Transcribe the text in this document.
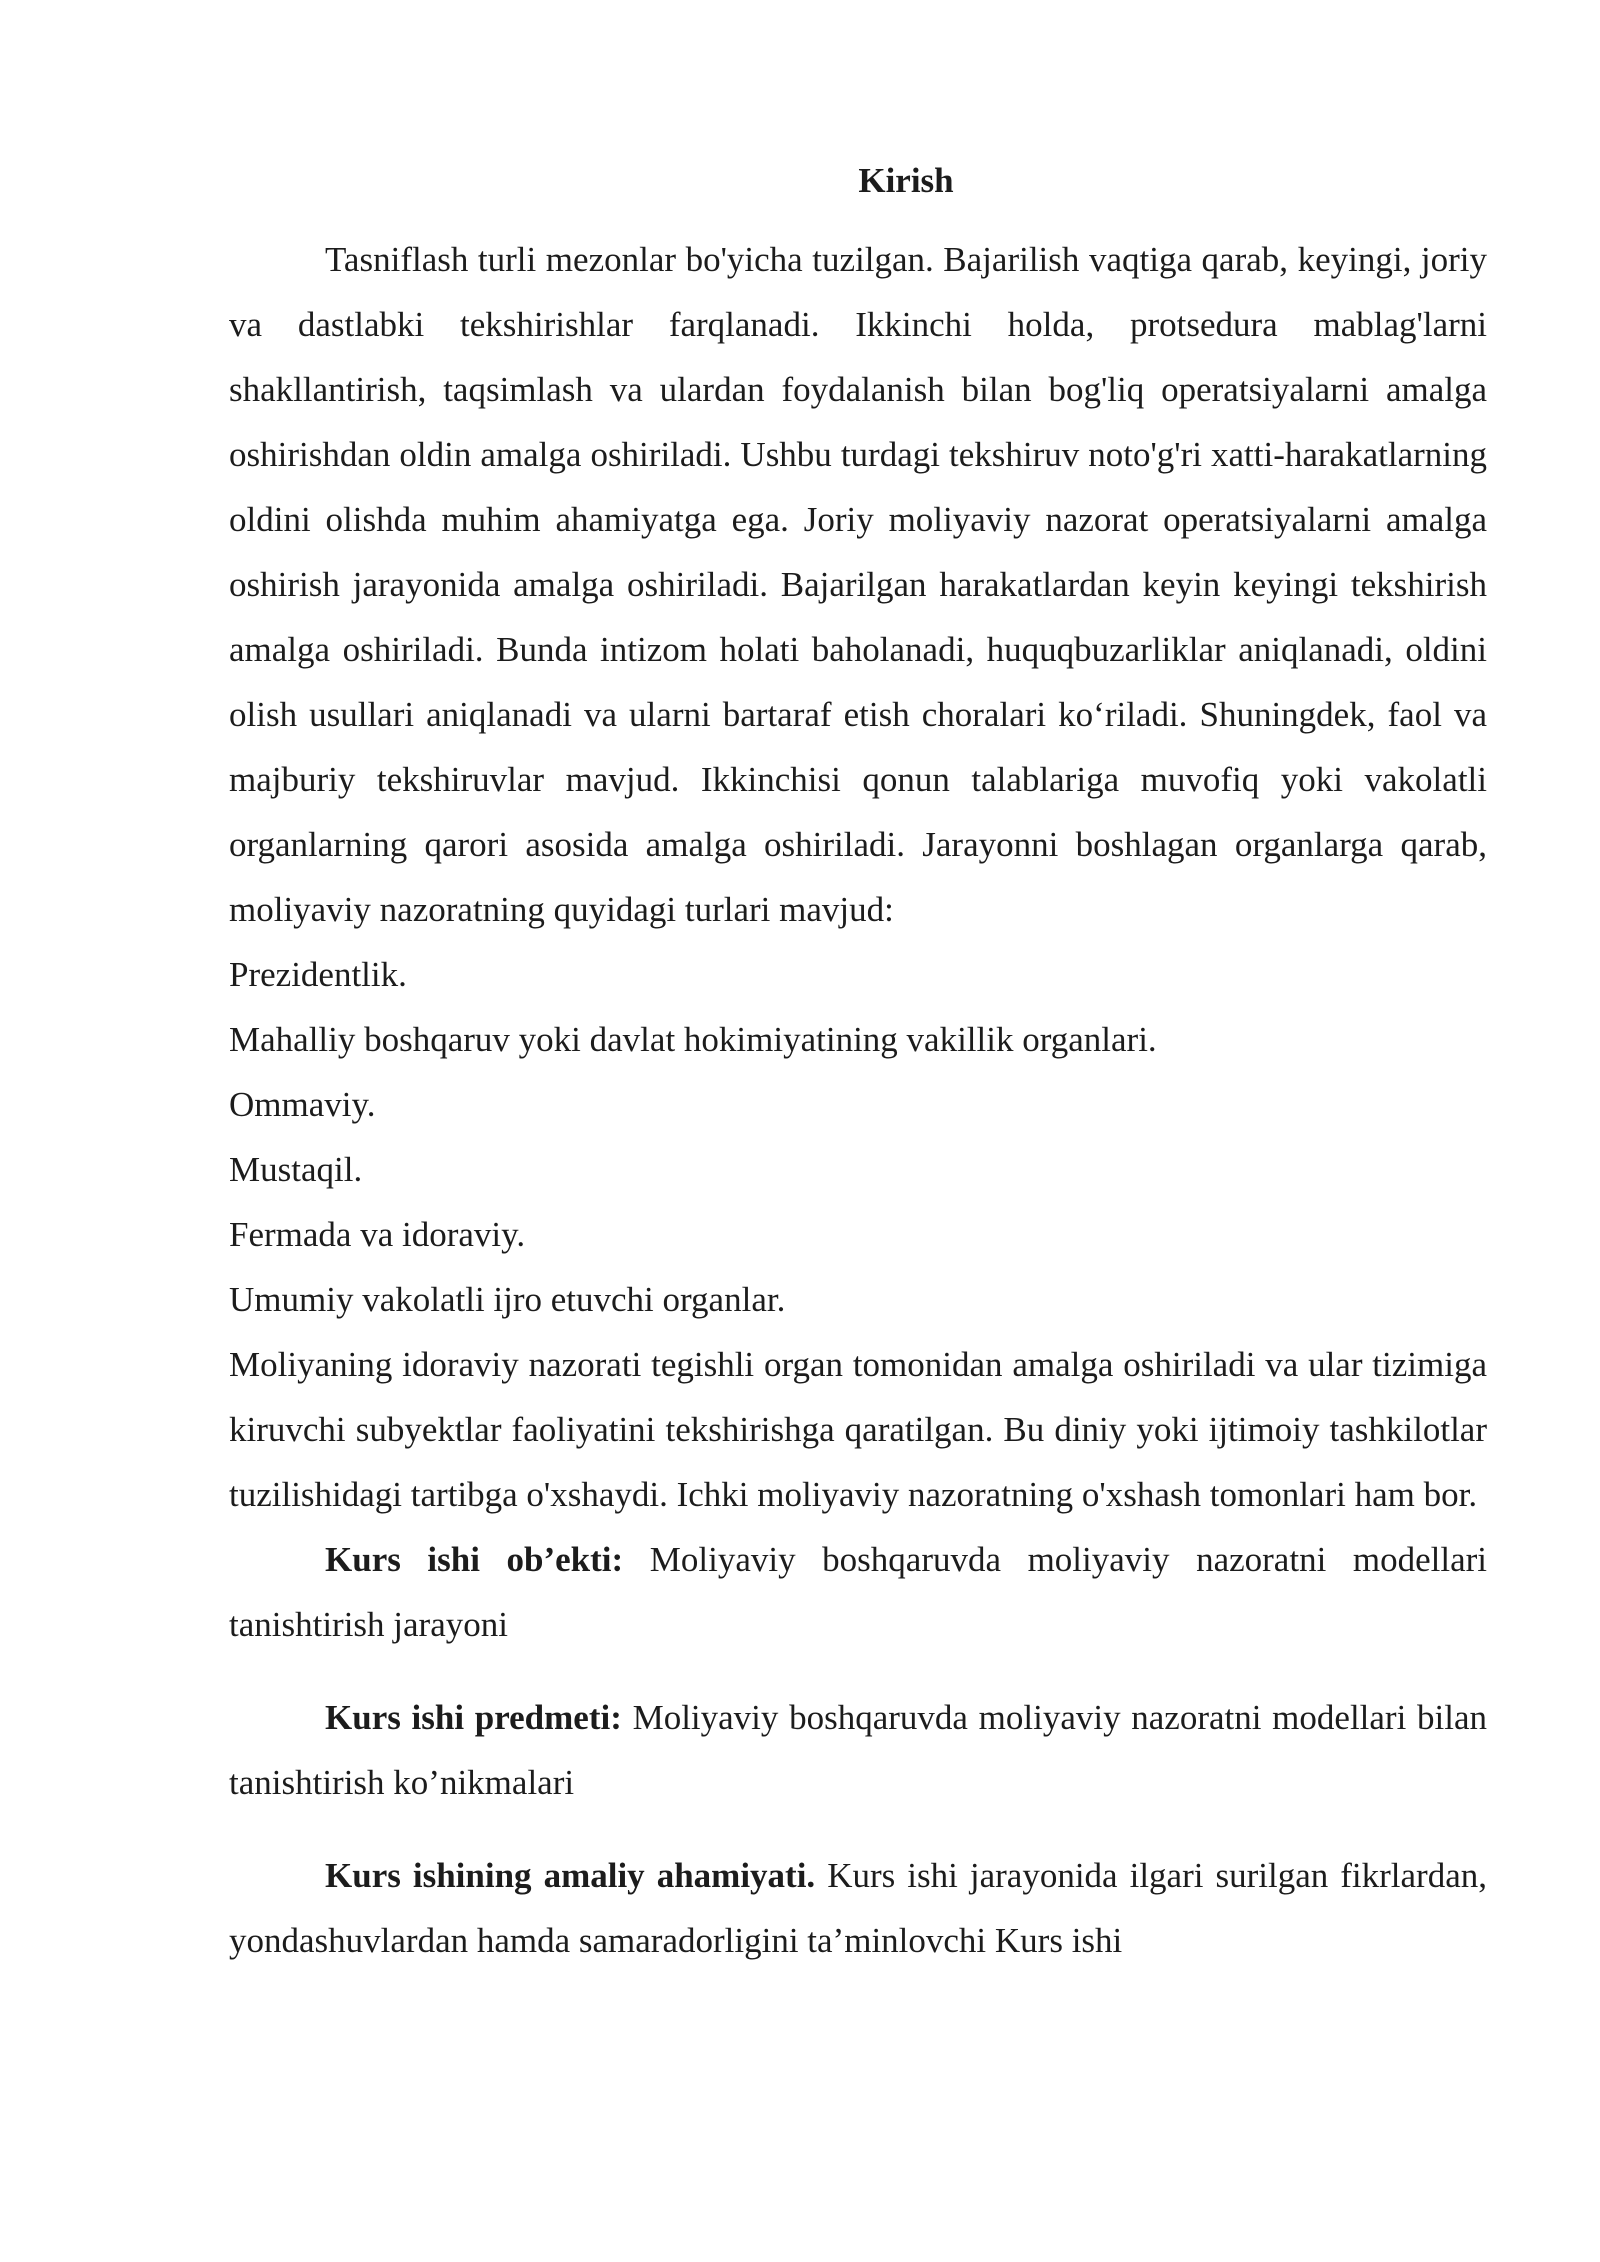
Kirish

Tasniflash turli mezonlar bo'yicha tuzilgan. Bajarilish vaqtiga qarab, keyingi, joriy va dastlabki tekshirishlar farqlanadi. Ikkinchi holda, protsedura mablag'larni shakllantirish, taqsimlash va ulardan foydalanish bilan bog'liq operatsiyalarni amalga oshirishdan oldin amalga oshiriladi. Ushbu turdagi tekshiruv noto'g'ri xatti-harakatlarning oldini olishda muhim ahamiyatga ega. Joriy moliyaviy nazorat operatsiyalarni amalga oshirish jarayonida amalga oshiriladi. Bajarilgan harakatlardan keyin keyingi tekshirish amalga oshiriladi. Bunda intizom holati baholanadi, huquqbuzarliklar aniqlanadi, oldini olish usullari aniqlanadi va ularni bartaraf etish choralari ko‘riladi. Shuningdek, faol va majburiy tekshiruvlar mavjud. Ikkinchisi qonun talablariga muvofiq yoki vakolatli organlarning qarori asosida amalga oshiriladi. Jarayonni boshlagan organlarga qarab, moliyaviy nazoratning quyidagi turlari mavjud:

Prezidentlik.

Mahalliy boshqaruv yoki davlat hokimiyatining vakillik organlari.

Ommaviy.

Mustaqil.

Fermada va idoraviy.

Umumiy vakolatli ijro etuvchi organlar.

Moliyaning idoraviy nazorati tegishli organ tomonidan amalga oshiriladi va ular tizimiga kiruvchi subyektlar faoliyatini tekshirishga qaratilgan. Bu diniy yoki ijtimoiy tashkilotlar tuzilishidagi tartibga o'xshaydi. Ichki moliyaviy nazoratning o'xshash tomonlari ham bor.

Kurs ishi ob’ekti: Moliyaviy boshqaruvda moliyaviy nazoratni modellari tanishtirish jarayoni

Kurs ishi predmeti: Moliyaviy boshqaruvda moliyaviy nazoratni modellari bilan tanishtirish ko’nikmalari

Kurs ishining amaliy ahamiyati. Kurs ishi jarayonida ilgari surilgan fikrlardan, yondashuvlardan hamda samaradorligini ta’minlovchi Kurs ishi
